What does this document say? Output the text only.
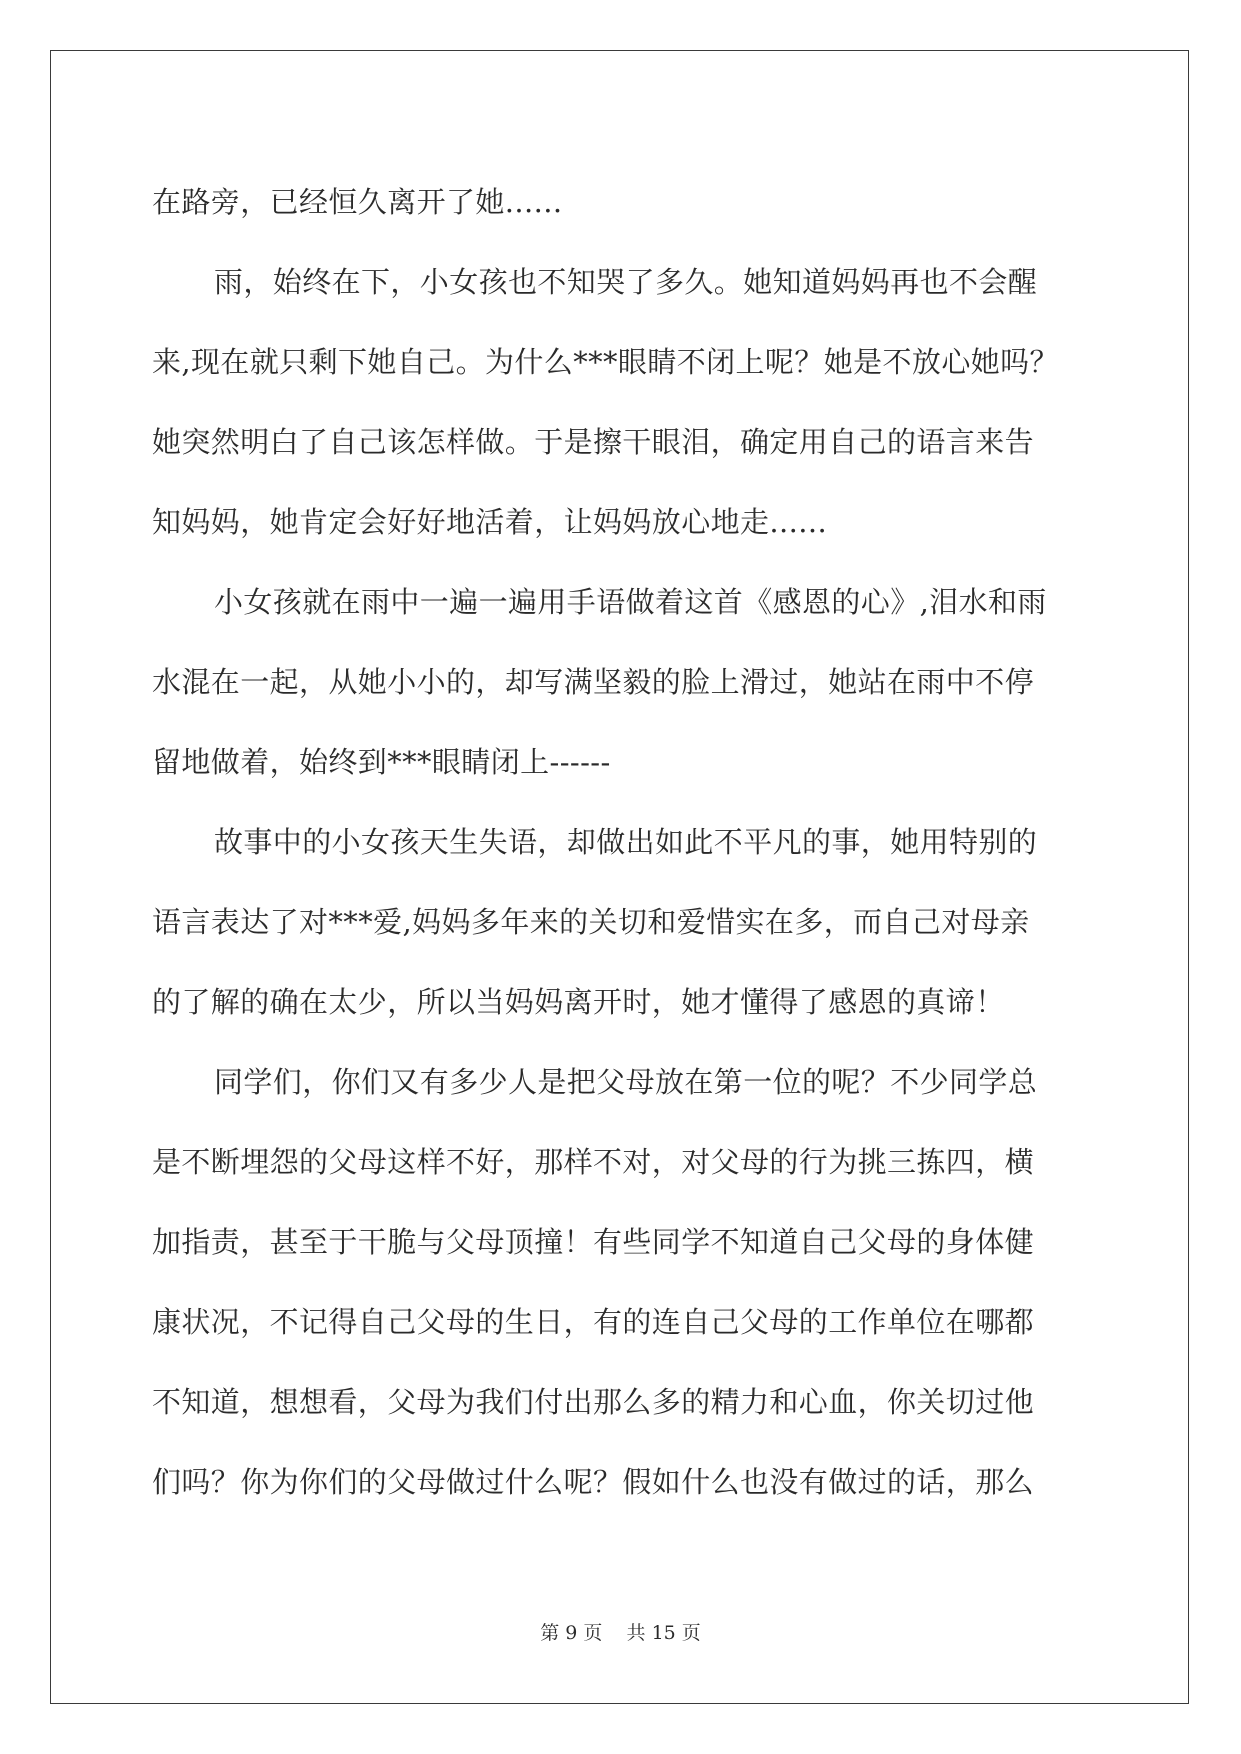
在路旁，已经恒久离开了她......
雨，始终在下，小女孩也不知哭了多久。她知道妈妈再也不会醒
来,现在就只剩下她自己。为什么***眼睛不闭上呢？她是不放心她吗？
她突然明白了自己该怎样做。于是擦干眼泪，确定用自己的语言来告
知妈妈，她肯定会好好地活着，让妈妈放心地走......
小女孩就在雨中一遍一遍用手语做着这首《感恩的心》,泪水和雨
水混在一起，从她小小的，却写满坚毅的脸上滑过，她站在雨中不停
留地做着，始终到***眼睛闭上------
故事中的小女孩天生失语，却做出如此不平凡的事，她用特别的
语言表达了对***爱,妈妈多年来的关切和爱惜实在多，而自己对母亲
的了解的确在太少，所以当妈妈离开时，她才懂得了感恩的真谛！
同学们，你们又有多少人是把父母放在第一位的呢？不少同学总
是不断埋怨的父母这样不好，那样不对，对父母的行为挑三拣四，横
加指责，甚至于干脆与父母顶撞！有些同学不知道自己父母的身体健
康状况，不记得自己父母的生日，有的连自己父母的工作单位在哪都
不知道，想想看，父母为我们付出那么多的精力和心血，你关切过他
们吗？你为你们的父母做过什么呢？假如什么也没有做过的话，那么
第 9 页    共 15 页
